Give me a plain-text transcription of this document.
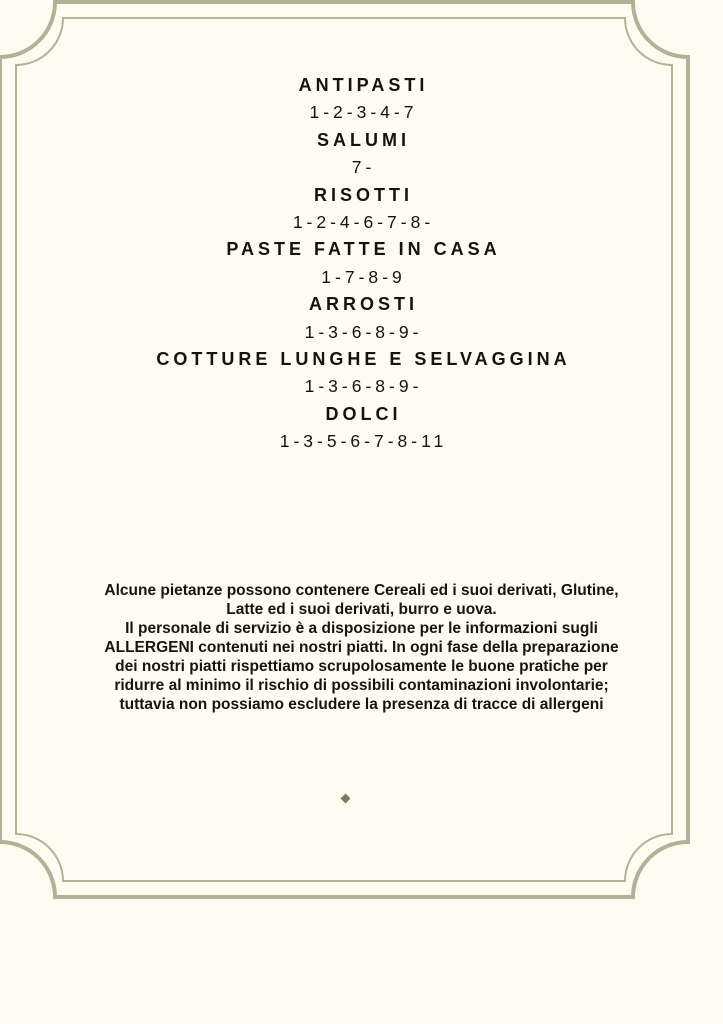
ANTIPASTI
1-2-3-4-7
SALUMI
7-
RISOTTI
1-2-4-6-7-8-
PASTE FATTE IN CASA
1-7-8-9
ARROSTI
1-3-6-8-9-
COTTURE LUNGHE E SELVAGGINA
1-3-6-8-9-
DOLCI
1-3-5-6-7-8-11

Alcune pietanze possono contenere Cereali ed i suoi derivati, Glutine,
Latte ed i suoi derivati, burro e uova.
Il personale di servizio è a disposizione per le informazioni sugli
ALLERGENI contenuti nei nostri piatti. In ogni fase della preparazione
dei nostri piatti rispettiamo scrupolosamente le buone pratiche per
ridurre al minimo il rischio di possibili contaminazioni involontarie;
tuttavia non possiamo escludere la presenza di tracce di allergeni
